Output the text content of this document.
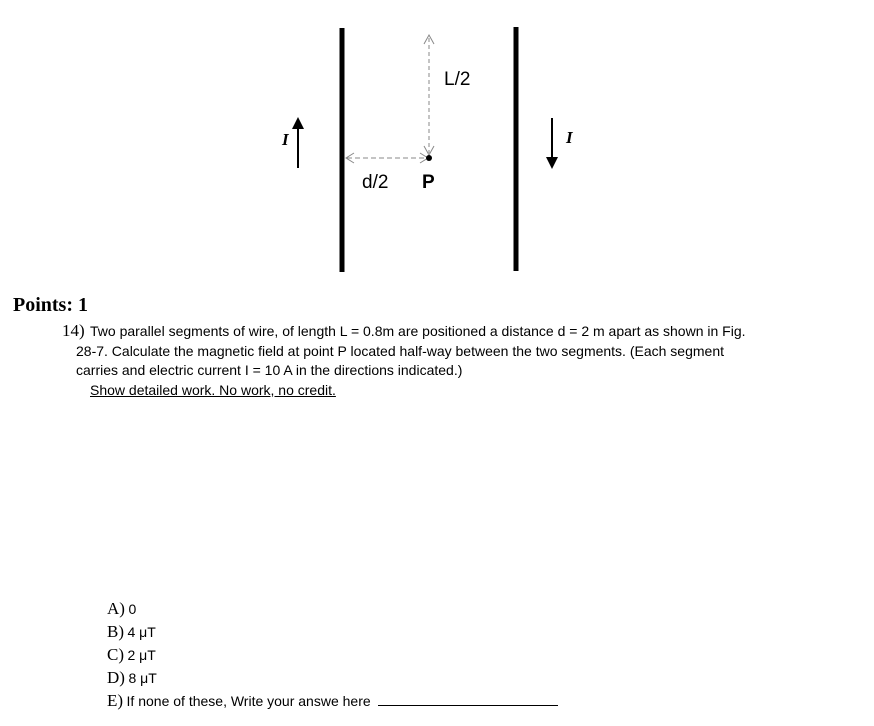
L/2
d/2 P
I	I
Points: 1
14) Two parallel segments of wire, of length L = 0.8m are positioned a distance d = 2 m apart as shown in Fig.
28-7. Calculate the magnetic field at point P located half-way between the two segments. (Each segment
carries and electric current I = 10 A in the directions indicated.)
Show detailed work. No work, no credit.
A) 0
B) 4 μT
C) 2 μT
D) 8 μT
E) If none of these, Write your answe here
